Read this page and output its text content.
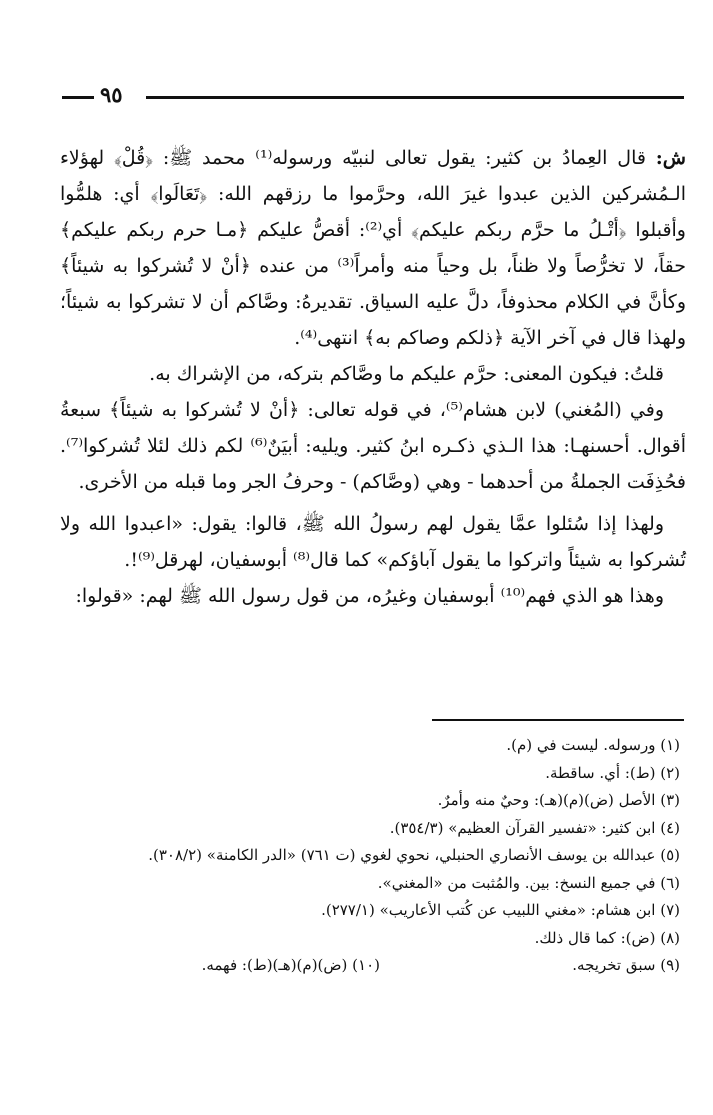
٩٥

ش: قال العِمادُ بن كثير: يقول تعالى لنبيّه ورسوله⁽¹⁾ محمد ﷺ: ﴿قُلْ﴾ لهؤلاء الـمُشركين الذين عبدوا غيرَ الله، وحرَّموا ما رزقهم الله: ﴿تَعَالَوا﴾ أي: هلمُّوا وأقبلوا ﴿أتْـلُ ما حرَّم ربكم عليكم﴾ أي⁽²⁾: أقصُّ عليكم ﴿مـا حرم ربكم عليكم﴾ حقاً، لا تخرُّصاً ولا ظناً، بل وحياً منه وأمراً⁽³⁾ من عنده ﴿أنْ لا تُشركوا به شيئاً﴾ وكأنَّ في الكلام محذوفاً، دلَّ عليه السياق. تقديرهُ: وصَّاكم أن لا تشركوا به شيئاً؛ ولهذا قال في آخر الآية ﴿ذلكم وصاكم به﴾ انتهى⁽⁴⁾.

قلتُ: فيكون المعنى: حرَّم عليكم ما وصَّاكم بتركه، من الإشراك به.

وفي (المُغني) لابن هشام⁽⁵⁾، في قوله تعالى: ﴿أنْ لا تُشركوا به شيئاً﴾ سبعةُ أقوال. أحسنهـا: هذا الـذي ذكـره ابنُ كثير. ويليه: أبيَنٌ⁽⁶⁾ لكم ذلك لئلا تُشركوا⁽⁷⁾. فحُذِفَت الجملةُ من أحدهما - وهي (وصَّاكم) - وحرفُ الجر وما قبله من الأخرى.

ولهذا إذا سُئلوا عمَّا يقول لهم رسولُ الله ﷺ، قالوا: يقول: «اعبدوا الله ولا تُشركوا به شيئاً واتركوا ما يقول آباؤكم» كما قال⁽⁸⁾ أبوسفيان، لهرقل⁽⁹⁾!.

وهذا هو الذي فهم⁽¹⁰⁾ أبوسفيان وغيرُه، من قول رسول الله ﷺ لهم: «قولوا:

(١) ورسوله. ليست في (م).
(٢) (ط): أي. ساقطة.
(٣) الأصل (ض)(م)(هـ): وحيٌ منه وأمرٌ.
(٤) ابن كثير: «تفسير القرآن العظيم» (٣٥٤/٣).
(٥) عبدالله بن يوسف الأنصاري الحنبلي، نحوي لغوي (ت ٧٦١) «الدر الكامنة» (٣٠٨/٢).
(٦) في جميع النسخ: بين. والمُثبت من «المغني».
(٧) ابن هشام: «مغني اللبيب عن كُتب الأعاريب» (٢٧٧/١).
(٨) (ض): كما قال ذلك.
(٩) سبق تخريجه.
(١٠) (ض)(م)(هـ)(ط): فهمه.
